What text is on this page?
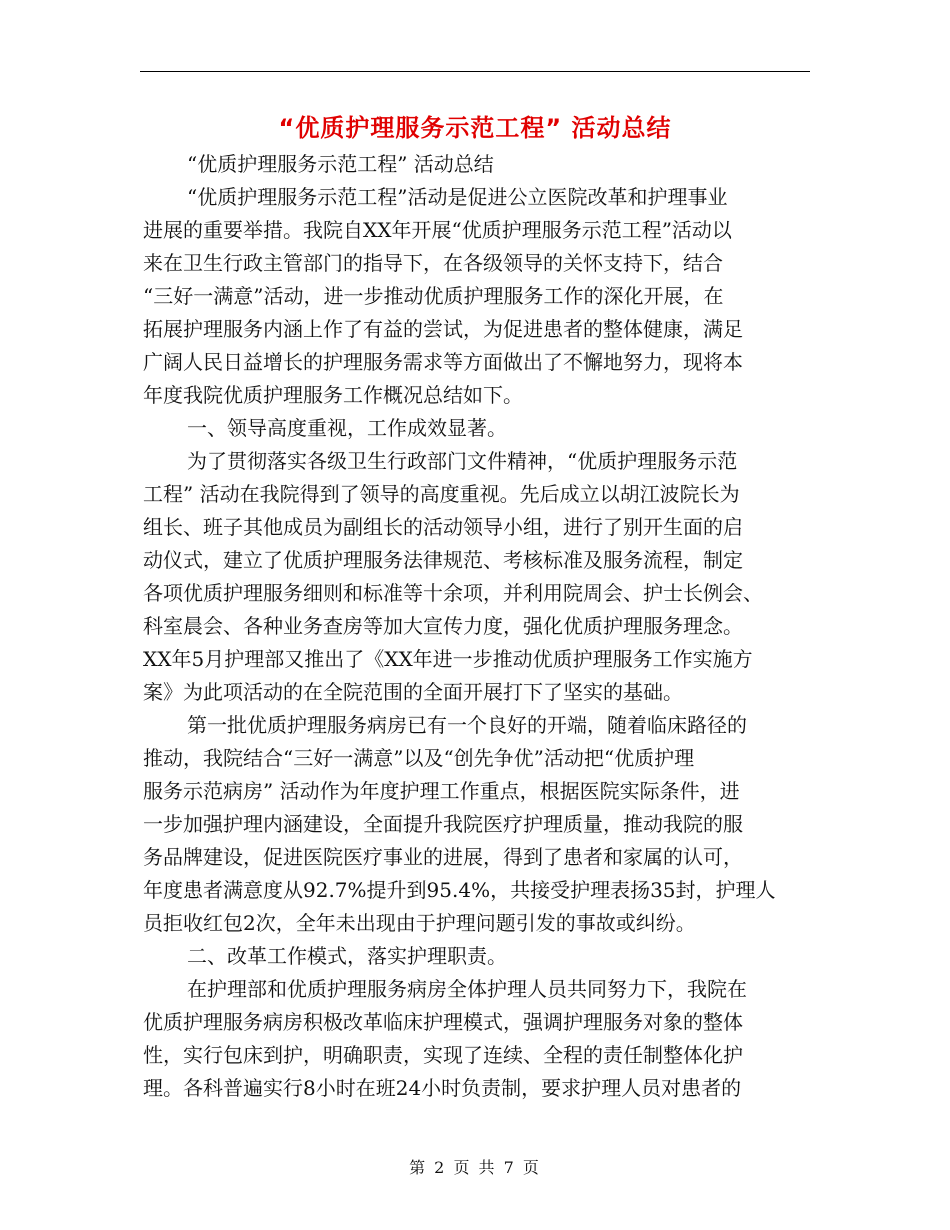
“优质护理服务示范工程” 活动总结
“优质护理服务示范工程” 活动总结
“优质护理服务示范工程”活动是促进公立医院改革和护理事业
进展的重要举措。我院自XX年开展“优质护理服务示范工程”活动以
来在卫生行政主管部门的指导下，在各级领导的关怀支持下，结合
“三好一满意”活动，进一步推动优质护理服务工作的深化开展，在
拓展护理服务内涵上作了有益的尝试，为促进患者的整体健康，满足
广阔人民日益增长的护理服务需求等方面做出了不懈地努力，现将本
年度我院优质护理服务工作概况总结如下。
一、领导高度重视，工作成效显著。
为了贯彻落实各级卫生行政部门文件精神，“优质护理服务示范
工程” 活动在我院得到了领导的高度重视。先后成立以胡江波院长为
组长、班子其他成员为副组长的活动领导小组，进行了别开生面的启
动仪式，建立了优质护理服务法律规范、考核标准及服务流程，制定
各项优质护理服务细则和标准等十余项，并利用院周会、护士长例会、
科室晨会、各种业务查房等加大宣传力度，强化优质护理服务理念。
XX年5月护理部又推出了《XX年进一步推动优质护理服务工作实施方
案》为此项活动的在全院范围的全面开展打下了坚实的基础。
第一批优质护理服务病房已有一个良好的开端，随着临床路径的
推动，我院结合“三好一满意”以及“创先争优”活动把“优质护理
服务示范病房” 活动作为年度护理工作重点，根据医院实际条件，进
一步加强护理内涵建设，全面提升我院医疗护理质量，推动我院的服
务品牌建设，促进医院医疗事业的进展，得到了患者和家属的认可，
年度患者满意度从92.7%提升到95.4%，共接受护理表扬35封，护理人
员拒收红包2次，全年未出现由于护理问题引发的事故或纠纷。
二、改革工作模式，落实护理职责。
在护理部和优质护理服务病房全体护理人员共同努力下，我院在
优质护理服务病房积极改革临床护理模式，强调护理服务对象的整体
性，实行包床到护，明确职责，实现了连续、全程的责任制整体化护
理。各科普遍实行8小时在班24小时负责制，要求护理人员对患者的
第 2 页 共 7 页
